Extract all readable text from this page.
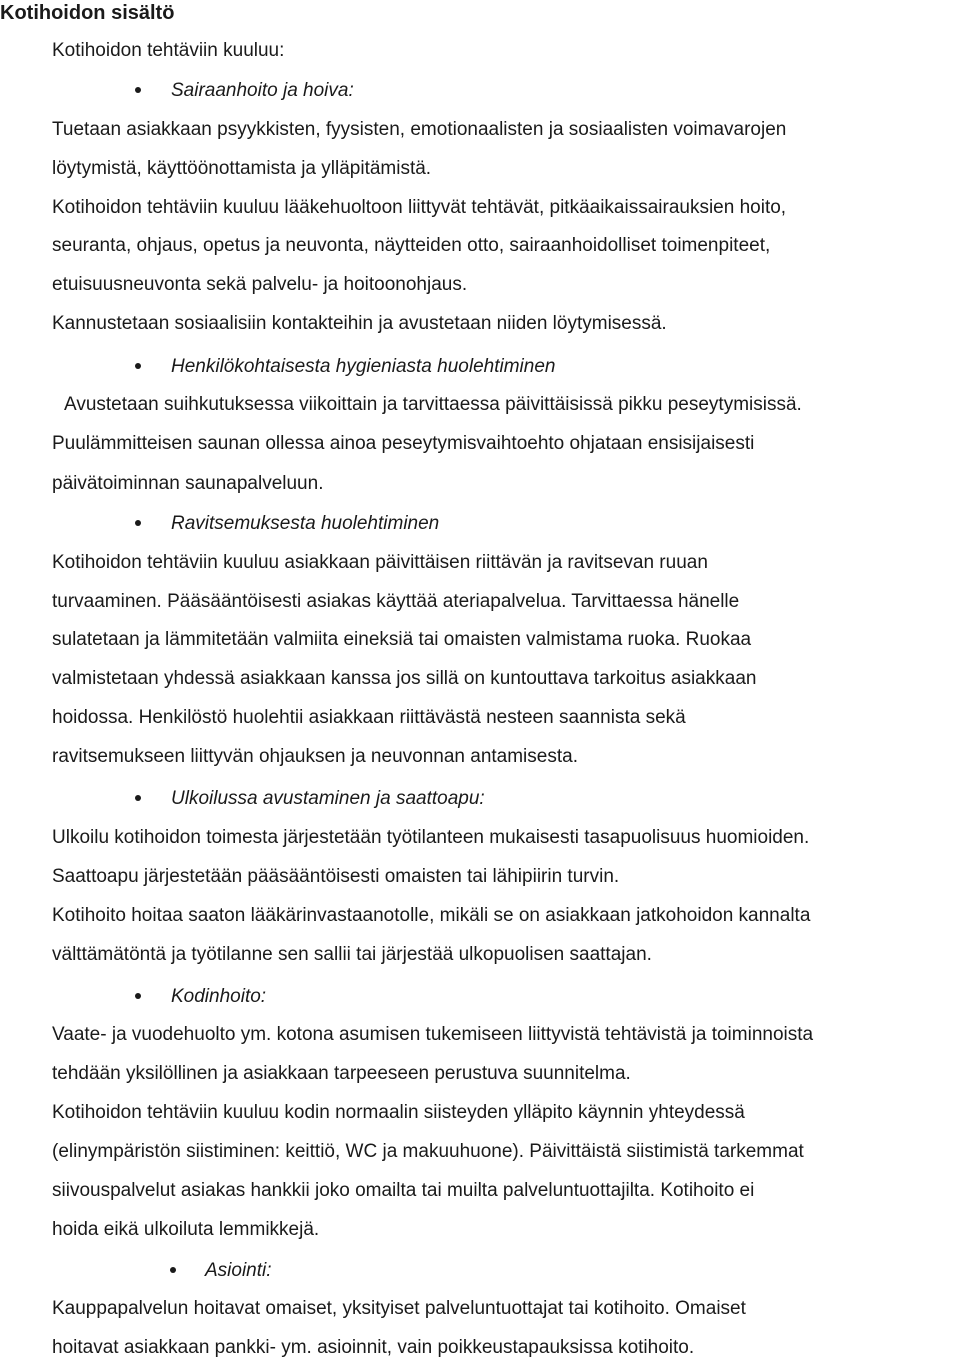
Kotihoidon sisältö
Kotihoidon tehtäviin kuuluu:
Sairaanhoito ja hoiva:
Tuetaan asiakkaan psyykkisten, fyysisten, emotionaalisten ja sosiaalisten voimavarojen
löytymistä, käyttöönottamista ja ylläpitämistä.
Kotihoidon tehtäviin kuuluu lääkehuoltoon liittyvät tehtävät, pitkäaikaissairauksien hoito,
seuranta, ohjaus, opetus ja neuvonta, näytteiden otto, sairaanhoidolliset toimenpiteet,
etuisuusneuvonta sekä palvelu- ja hoitoonohjaus.
Kannustetaan sosiaalisiin kontakteihin ja avustetaan niiden löytymisessä.
Henkilökohtaisesta hygieniasta huolehtiminen
Avustetaan suihkutuksessa viikoittain ja tarvittaessa päivittäisissä pikku peseytymisissä.
Puulämmitteisen saunan ollessa ainoa peseytymisvaihtoehto ohjataan ensisijaisesti
päivätoiminnan saunapalveluun.
Ravitsemuksesta huolehtiminen
Kotihoidon tehtäviin kuuluu asiakkaan päivittäisen riittävän ja ravitsevan ruuan
turvaaminen. Pääsääntöisesti asiakas käyttää ateriapalvelua. Tarvittaessa hänelle
sulatetaan ja lämmitetään valmiita eineksiä tai omaisten valmistama ruoka. Ruokaa
valmistetaan yhdessä asiakkaan kanssa jos sillä on kuntouttava tarkoitus asiakkaan
hoidossa. Henkilöstö huolehtii asiakkaan riittävästä nesteen saannista sekä
ravitsemukseen liittyvän ohjauksen ja neuvonnan antamisesta.
Ulkoilussa avustaminen ja saattoapu:
Ulkoilu kotihoidon toimesta järjestetään työtilanteen mukaisesti tasapuolisuus huomioiden.
Saattoapu järjestetään pääsääntöisesti omaisten tai lähipiirin turvin.
Kotihoito hoitaa saaton lääkärinvastaanotolle, mikäli se on asiakkaan jatkohoidon kannalta
välttämätöntä ja työtilanne sen sallii tai järjestää ulkopuolisen saattajan.
Kodinhoito:
Vaate- ja vuodehuolto ym. kotona asumisen tukemiseen liittyvistä tehtävistä ja toiminnoista
tehdään yksilöllinen ja asiakkaan tarpeeseen perustuva suunnitelma.
Kotihoidon tehtäviin kuuluu kodin normaalin siisteyden ylläpito käynnin yhteydessä
(elinympäristön siistiminen: keittiö, WC ja makuuhuone). Päivittäistä siistimistä tarkemmat
siivouspalvelut asiakas hankkii joko omailta tai muilta palveluntuottajilta. Kotihoito ei
hoida eikä ulkoiluta lemmikkejä.
Asiointi:
Kauppapalvelun hoitavat omaiset, yksityiset palveluntuottajat tai kotihoito. Omaiset
hoitavat asiakkaan pankki- ym. asioinnit, vain poikkeustapauksissa kotihoito.
